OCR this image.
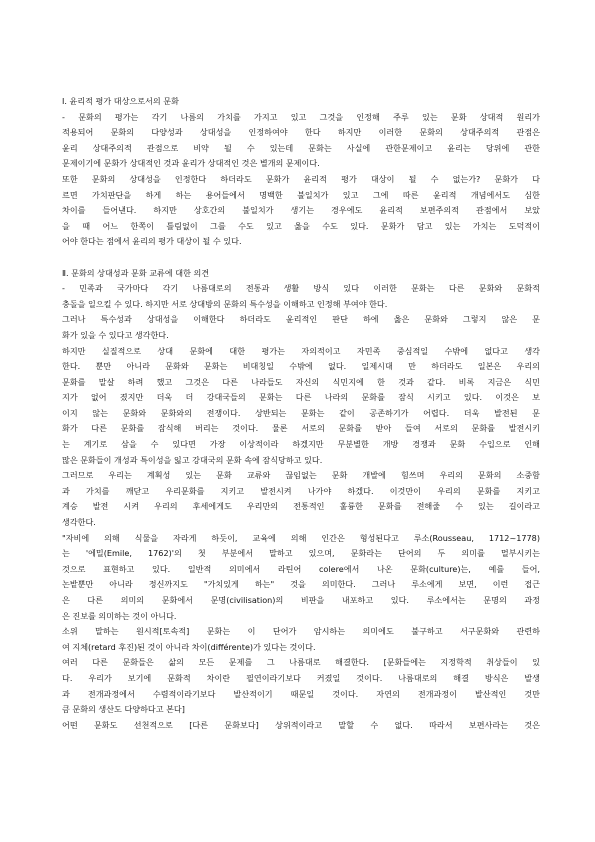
Ⅰ. 윤리적 평가 대상으로서의 문화
- 문화의 평가는 각기 나름의 가치를 가지고 있고 그것을 인정해 주루 있는 문화 상대적 원리가
적용되어 문화의 다양성과 상대성을 인정하여야 한다 하지만 이러한 문화의 상대주의적 관점은
윤리 상대주의적 관점으로 비약 될 수 있는데 문화는 사실에 관한문제이고 윤리는 당위에 관한
문제이기에 문화가 상대적인 것과 윤리가 상대적인 것은 별개의 문제이다.
또한 문화의 상대성을 인정한다 하더라도 문화가 윤리적 평가 대상이 될 수 없는가? 문화가 다
르면 가치판단을 하게 하는 용어들에서 명백한 불일치가 있고 그에 따른 윤리적 개념에서도 심한
차이를 들어낸다. 하지만 상호간의 불일치가 생기는 경우에도 윤리적 보편주의적 관점에서 보았
을 때 어느 한쪽이 틀림없이 그를 수도 있고 옳을 수도 있다. 문화가 담고 있는 가치는 도덕적이
어야 한다는 점에서 윤리의 평가 대상이 될 수 있다.
Ⅱ. 문화의 상대성과 문화 교류에 대한 의견
- 민족과 국가마다 각기 나름대로의 전통과 생활 방식 있다 이러한 문화는 다른 문화와 문화적
충돌을 일으킬 수 있다. 하지만 서로 상대방의 문화의 특수성을 이해하고 인정해 부여야 한다.
그러나 특수성과 상대성을 이해한다 하더라도 윤리적인 판단 하에 옳은 문화와 그렇지 않은 문
화가 있을 수 있다고 생각한다.
하지만 실질적으로 상대 문화에 대한 평가는 자의적이고 자민족 중심적일 수밖에 없다고 생각
한다. 뿐만 아니라 문화와 문화는 비대칭일 수밖에 없다. 일제시대 만 하더라도 일본은 우리의
문화를 말살 하려 했고 그것은 다른 나라들도 자신의 식민지에 한 것과 같다. 비록 지금은 식민
지가 없어 졌지만 더욱 더 강대국들의 문화는 다른 나라의 문화를 잠식 시키고 있다. 이것은 보
이지 않는 문화와 문화와의 전쟁이다. 상반되는 문화는 같이 공존하기가 어렵다. 더욱 발전된 문
화가 다른 문화를 잠식해 버리는 것이다. 물론 서로의 문화를 받아 들여 서로의 문화를 발전시키
는 계기로 삼을 수 있다면 가장 이상적이라 하겠지만 무분별한 개방 경쟁과 문화 수입으로 인해
많은 문화들이 개성과 특이성을 잃고 강대국의 문화 속에 잠식당하고 있다.
그러므로 우리는 계획성 있는 문화 교류와 끊임없는 문화 개발에 힘쓰며 우리의 문화의 소중함
과 가치를 깨닫고 우리문화를 지키고 발전시켜 나가야 하겠다. 이것만이 우리의 문화를 지키고
계승 발전 시켜 우리의 후세에게도 우리만의 전통적인 훌륭한 문화를 전해줄 수 있는 길이라고
생각한다.
"자비에 의해 식물을 자라게 하듯이, 교육에 의해 인간은 형성된다고 루소(Rousseau, 1712~1778)
는 '에밀(Emile, 1762)'의 첫 부분에서 말하고 있으며, 문화라는 단어의 두 의미를 멀부시키는
것으로 표현하고 있다. 일반적 의미에서 라틴어 colere에서 나온 문화(culture)는, 예를 들어,
논밭뿐만 아니라 정신까지도 "가치있게 하는" 것을 의미한다. 그러나 루소에게 보면, 이런 접근
은 다른 의미의 문화에서 문명(civilisation)의 비판을 내포하고 있다. 루소에서는 문명의 과정
은 진보를 의미하는 것이 아니다.
소위 말하는 원시적[토속적] 문화는 이 단어가 암시하는 의미에도 불구하고 서구문화와 관련하
여 지체(retard 후진)된 것이 아니라 차이(différente)가 있다는 것이다.
여러 다른 문화들은 삶의 모든 문제를 그 나름대로 해결한다. [문화들에는 지정학적 취상들이 있
다. 우리가 보기에 문화적 차이란 필연이라기보다 커졌일 것이다. 나름대로의 해결 방식은 발생
과 전개과정에서 수렴적이라기보다 발산적이기 때문일 것이다. 자연의 전개과정이 발산적인 것만
큼 문화의 생산도 다양하다고 본다]
어떤 문화도 선천적으로 [다른 문화보다] 상위적이라고 말할 수 없다. 따라서 보편사라는 것은
